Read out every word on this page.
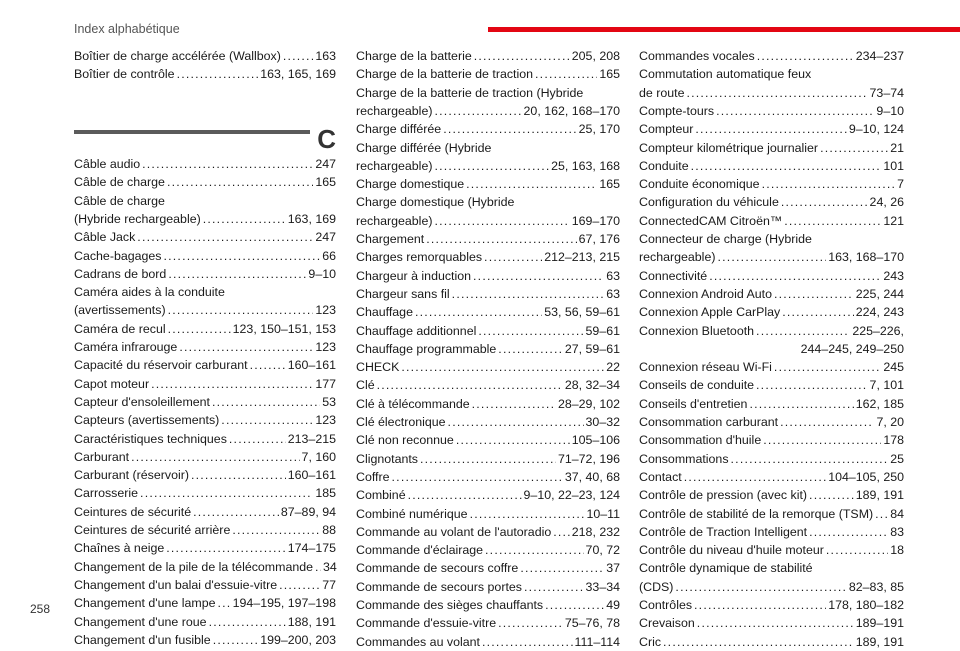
Index alphabétique
Boîtier de charge accélérée (Wallbox) .....	163
Boîtier de contrôle .....	163, 165, 169
C
Câble audio .....	247
Câble de charge .....	165
Câble de charge
(Hybride rechargeable) .....	163, 169
Câble Jack .....	247
Cache-bagages .....	66
Cadrans de bord .....	9–10
Caméra aides à la conduite
(avertissements) .....	123
Caméra de recul .....	123, 150–151, 153
Caméra infrarouge .....	123
Capacité du réservoir carburant .....	160–161
Capot moteur .....	177
Capteur d'ensoleillement .....	53
Capteurs (avertissements) .....	123
Caractéristiques techniques .....	213–215
Carburant .....	7, 160
Carburant (réservoir) .....	160–161
Carrosserie .....	185
Ceintures de sécurité .....	87–89, 94
Ceintures de sécurité arrière .....	88
Chaînes à neige .....	174–175
Changement de la pile de la télécommande ..... 34
Changement d'un balai d'essuie-vitre .....	77
Changement d'une lampe ..... 194–195, 197–198
Changement d'une roue .....	188, 191
Changement d'un fusible .....	199–200, 203
Charge de la batterie .....	205, 208
Charge de la batterie de traction .....	165
Charge de la batterie de traction (Hybride
rechargeable) .....	20, 162, 168–170
Charge différée .....	25, 170
Charge différée (Hybride
rechargeable) .....	25, 163, 168
Charge domestique .....	165
Charge domestique (Hybride
rechargeable) .....	169–170
Chargement .....	67, 176
Charges remorquables .....	212–213, 215
Chargeur à induction .....	63
Chargeur sans fil .....	63
Chauffage .....	53, 56, 59–61
Chauffage additionnel .....	59–61
Chauffage programmable .....	27, 59–61
CHECK .....	22
Clé .....	28, 32–34
Clé à télécommande .....	28–29, 102
Clé électronique .....	30–32
Clé non reconnue .....	105–106
Clignotants .....	71–72, 196
Coffre .....	37, 40, 68
Combiné .....	9–10, 22–23, 124
Combiné numérique .....	10–11
Commande au volant de l'autoradio ..... 218, 232
Commande d'éclairage .....	70, 72
Commande de secours coffre .....	37
Commande de secours portes .....	33–34
Commande des sièges chauffants .....	49
Commande d'essuie-vitre .....	75–76, 78
Commandes au volant .....	111–114
Commandes vocales .....	234–237
Commutation automatique feux
de route .....	73–74
Compte-tours .....	9–10
Compteur .....	9–10, 124
Compteur kilométrique journalier .....	21
Conduite .....	101
Conduite économique .....	7
Configuration du véhicule .....	24, 26
ConnectedCAM Citroën™ .....	121
Connecteur de charge (Hybride
rechargeable) .....	163, 168–170
Connectivité .....	243
Connexion Android Auto .....	225, 244
Connexion Apple CarPlay .....	224, 243
Connexion Bluetooth .....	225–226,
244–245, 249–250
Connexion réseau Wi-Fi .....	245
Conseils de conduite .....	7, 101
Conseils d'entretien .....	162, 185
Consommation carburant .....	7, 20
Consommation d'huile .....	178
Consommations .....	25
Contact .....	104–105, 250
Contrôle de pression (avec kit) .....	189, 191
Contrôle de stabilité de la remorque (TSM) ..... 84
Contrôle de Traction Intelligent .....	83
Contrôle du niveau d'huile moteur .....	18
Contrôle dynamique de stabilité
(CDS) .....	82–83, 85
Contrôles .....	178, 180–182
Crevaison .....	189–191
Cric .....	189, 191
258
